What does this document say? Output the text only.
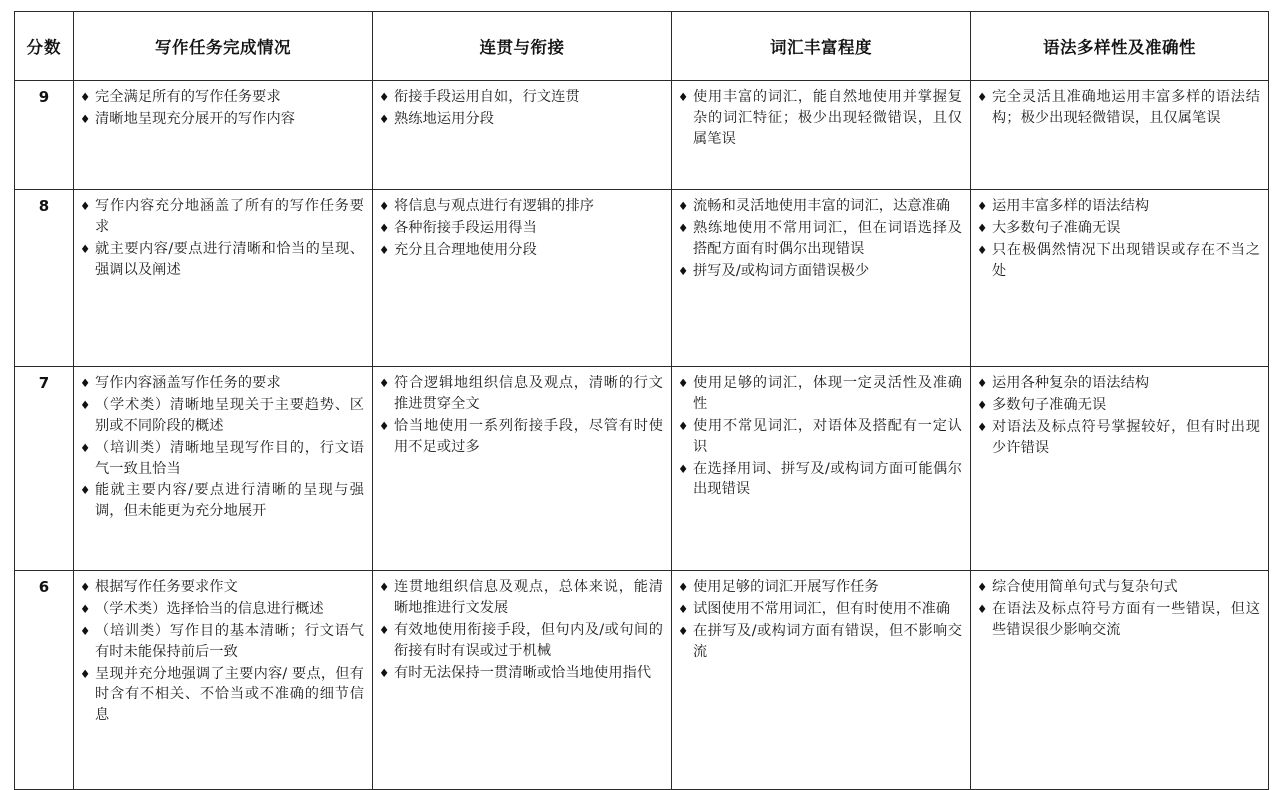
分数	写作任务完成情况	连贯与衔接	词汇丰富程度	语法多样性及准确性
9	
♦完全满足所有的写作任务要求
♦ 清晰地呈现充分展开的写作内容

♦ 衔接手段运用自如，行文连贯
♦ 熟练地运用分段

♦ 使用丰富的词汇，能自然地使用并掌握复杂的词汇特征；极少出现轻微错误，且仅属笔误

♦ 完全灵活且准确地运用丰富多样的语法结构；极少出现轻微错误，且仅属笔误

8	
♦写作内容充分地涵盖了所有的写作任务要求
♦ 就主要内容/要点进行清晰和恰当的呈现、强调以及阐述

♦ 将信息与观点进行有逻辑的排序
♦ 各种衔接手段运用得当
♦ 充分且合理地使用分段

♦ 流畅和灵活地使用丰富的词汇，达意准确
♦ 熟练地使用不常用词汇，但在词语选择及搭配方面有时偶尔出现错误
♦ 拼写及/或构词方面错误极少

♦ 运用丰富多样的语法结构
♦ 大多数句子准确无误
♦ 只在极偶然情况下出现错误或存在不当之处

7	
♦写作内容涵盖写作任务的要求
♦ （学术类）清晰地呈现关于主要趋势、区别或不同阶段的概述
♦ （培训类）清晰地呈现写作目的，行文语气一致且恰当
♦ 能就主要内容/要点进行清晰的呈现与强调，但未能更为充分地展开

♦ 符合逻辑地组织信息及观点，清晰的行文推进贯穿全文
♦ 恰当地使用一系列衔接手段，尽管有时使用不足或过多

♦ 使用足够的词汇，体现一定灵活性及准确性
♦ 使用不常见词汇，对语体及搭配有一定认识
♦ 在选择用词、拼写及/或构词方面可能偶尔出现错误

♦ 运用各种复杂的语法结构
♦ 多数句子准确无误
♦ 对语法及标点符号掌握较好，但有时出现少许错误

6	
♦根据写作任务要求作文
♦ （学术类）选择恰当的信息进行概述
♦ （培训类）写作目的基本清晰；行文语气有时未能保持前后一致
♦ 呈现并充分地强调了主要内容/ 要点，但有时含有不相关、不恰当或不准确的细节信息

♦ 连贯地组织信息及观点，总体来说，能清晰地推进行文发展
♦ 有效地使用衔接手段，但句内及/或句间的衔接有时有误或过于机械
♦ 有时无法保持一贯清晰或恰当地使用指代

♦ 使用足够的词汇开展写作任务
♦ 试图使用不常用词汇，但有时使用不准确
♦ 在拼写及/或构词方面有错误，但不影响交流

♦ 综合使用简单句式与复杂句式
♦ 在语法及标点符号方面有一些错误，但这些错误很少影响交流
